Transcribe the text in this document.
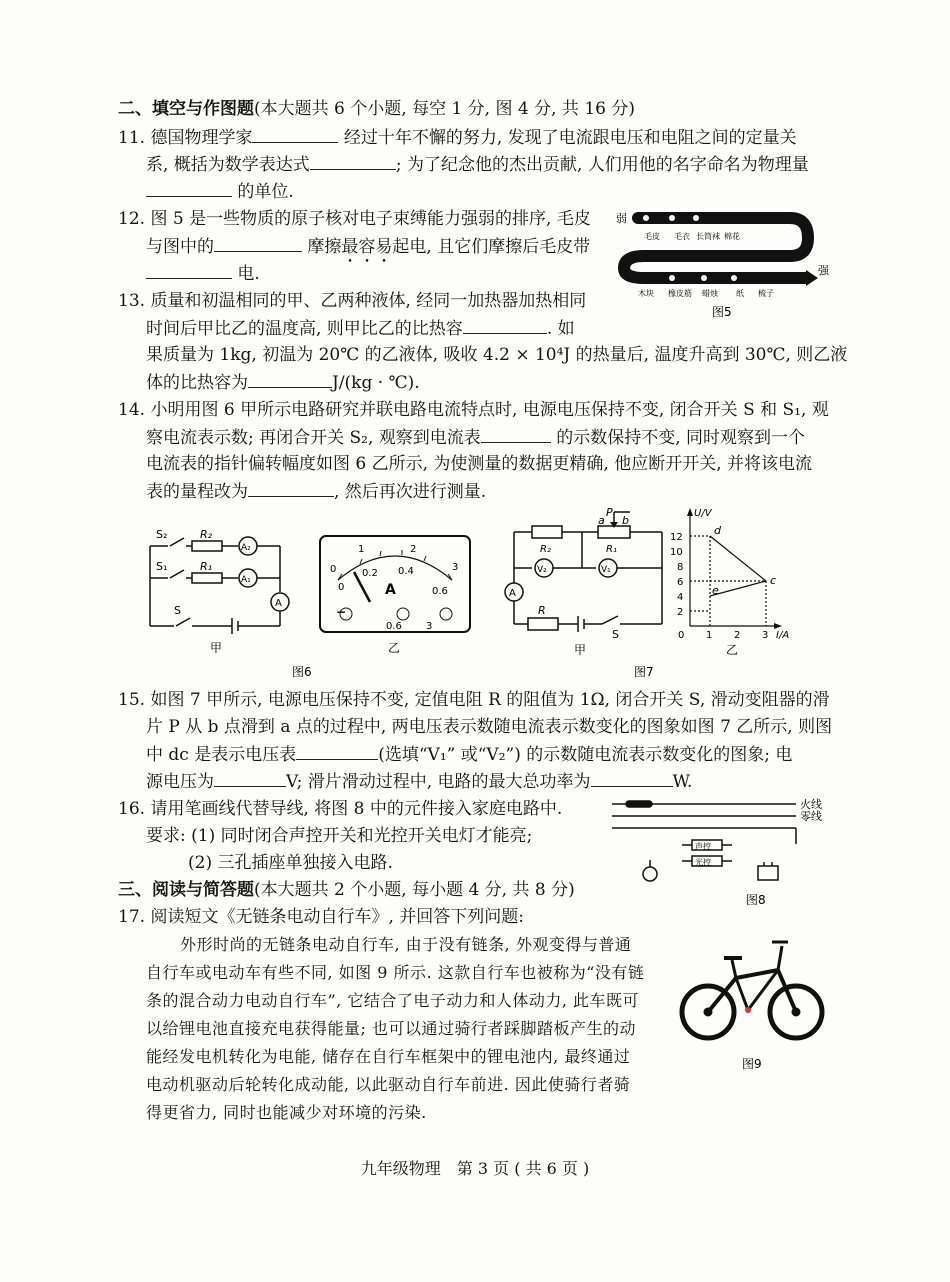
二、填空与作图题(本大题共 6 个小题, 每空 1 分, 图 4 分, 共 16 分)
11. 德国物理学家	经过十年不懈的努力, 发现了电流跟电压和电阻之间的定量关
系, 概括为数学表达式	; 为了纪念他的杰出贡献, 人们用他的名字命名为物理量
的单位.
12. 图 5 是一些物质的原子核对电子束缚能力强弱的排序, 毛皮
与图中的	摩擦最容易起电, 且它们摩擦后毛皮带
电.
13. 质量和初温相同的甲、乙两种液体, 经同一加热器加热相同
时间后甲比乙的温度高, 则甲比乙的比热容	. 如
果质量为 1kg, 初温为 20℃ 的乙液体, 吸收 4.2 × 10⁴J 的热量后, 温度升高到 30℃, 则乙液
体的比热容为	J/(kg · ℃).
14. 小明用图 6 甲所示电路研究并联电路电流特点时, 电源电压保持不变, 闭合开关 S 和 S₁, 观
察电流表示数; 再闭合开关 S₂, 观察到电流表	的示数保持不变, 同时观察到一个
电流表的指针偏转幅度如图 6 乙所示, 为使测量的数据更精确, 他应断开开关, 并将该电流
表的量程改为	, 然后再次进行测量.
弱
强
毛皮 毛衣 长筒袜 棉花
木块 橡皮筋 蜡烛 纸 梳子
图5
S₂	R₂
A₂
S₁	R₁
A₁
A
S
甲
0
1	2
3
0.2 0.4
0.6
A
0
−
0.6 3
乙
图6
P
a b
R₁
R₂
V₂	V₁
A
R
S
甲
U/V
I/A
12
10
8
6
4
2
0 1 2 3
d
c
e
乙
图7
15. 如图 7 甲所示, 电源电压保持不变, 定值电阻 R 的阻值为 1Ω, 闭合开关 S, 滑动变阻器的滑
片 P 从 b 点滑到 a 点的过程中, 两电压表示数随电流表示数变化的图象如图 7 乙所示, 则图
中 dc 是表示电压表	(选填“V₁” 或“V₂”) 的示数随电流表示数变化的图象; 电
源电压为	V; 滑片滑动过程中, 电路的最大总功率为	W.
16. 请用笔画线代替导线, 将图 8 中的元件接入家庭电路中.
要求: (1) 同时闭合声控开关和光控开关电灯才能亮;
(2) 三孔插座单独接入电路.
火线
零线
声控
光控
图8
三、阅读与简答题(本大题共 2 个小题, 每小题 4 分, 共 8 分)
17. 阅读短文《无链条电动自行车》, 并回答下列问题:
外形时尚的无链条电动自行车, 由于没有链条, 外观变得与普通
自行车或电动车有些不同, 如图 9 所示. 这款自行车也被称为“没有链
条的混合动力电动自行车”, 它结合了电子动力和人体动力, 此车既可
以给锂电池直接充电获得能量; 也可以通过骑行者踩脚踏板产生的动
能经发电机转化为电能, 储存在自行车框架中的锂电池内, 最终通过
电动机驱动后轮转化成动能, 以此驱动自行车前进. 因此使骑行者骑
得更省力, 同时也能减少对环境的污染.
图9
九年级物理　第 3 页 ( 共 6 页 )
